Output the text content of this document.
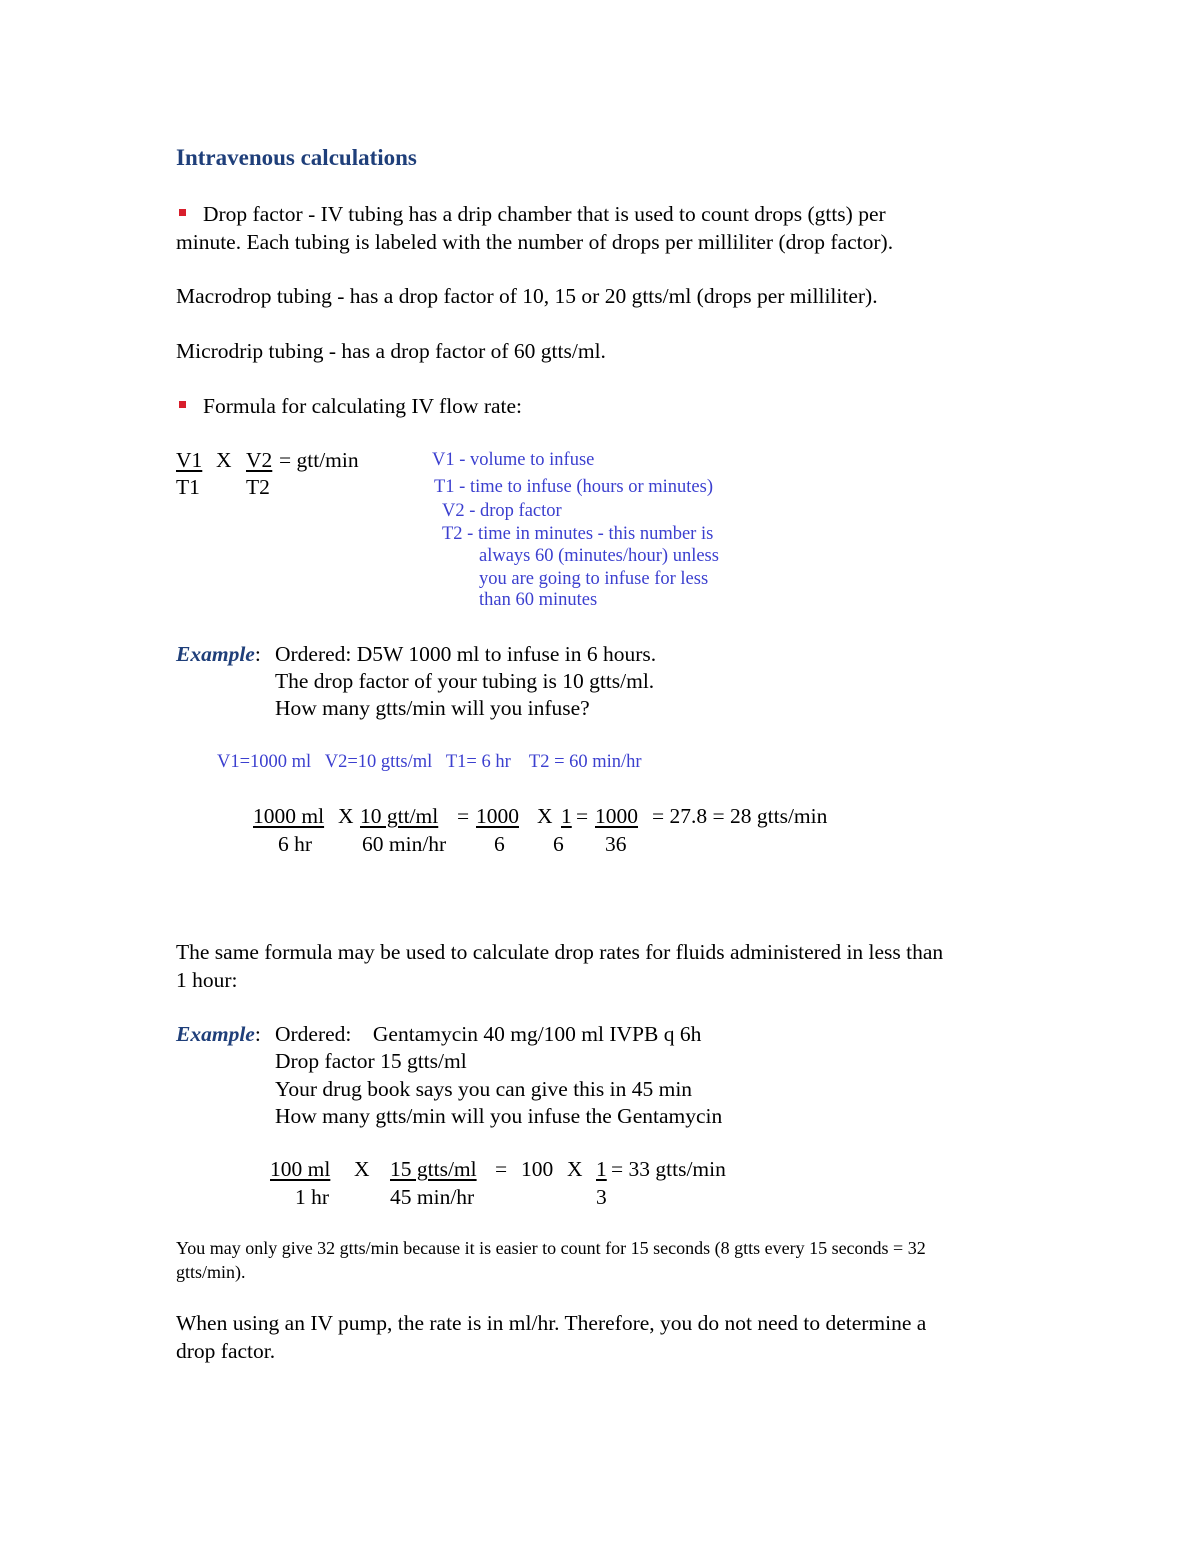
Intravenous calculations
Drop factor - IV tubing has a drip chamber that is used to count drops (gtts) per
minute. Each tubing is labeled with the number of drops per milliliter (drop factor).
Macrodrop tubing - has a drop factor of 10, 15 or 20 gtts/ml (drops per milliliter).
Microdrip tubing - has a drop factor of 60 gtts/ml.
Formula for calculating IV flow rate:
V1 X V2 = gtt/min
T1 T2
V1 - volume to infuse
T1 - time to infuse (hours or minutes)
V2 - drop factor
T2 - time in minutes - this number is
always 60 (minutes/hour) unless
you are going to infuse for less
than 60 minutes
Example: Ordered: D5W 1000 ml to infuse in 6 hours.
The drop factor of your tubing is 10 gtts/ml.
How many gtts/min will you infuse?
V1=1000 ml   V2=10 gtts/ml   T1= 6 hr    T2 = 60 min/hr
1000 ml X 10 gtt/ml = 1000 X 1 = 1000 = 27.8 = 28 gtts/min
6 hr 60 min/hr 6 6 36
The same formula may be used to calculate drop rates for fluids administered in less than
1 hour:
Example: Ordered:    Gentamycin 40 mg/100 ml IVPB q 6h
Drop factor 15 gtts/ml
Your drug book says you can give this in 45 min
How many gtts/min will you infuse the Gentamycin
100 ml X 15 gtts/ml = 100 X 1 = 33 gtts/min
1 hr	45 min/hr	3
You may only give 32 gtts/min because it is easier to count for 15 seconds (8 gtts every 15 seconds = 32
gtts/min).
When using an IV pump, the rate is in ml/hr. Therefore, you do not need to determine a
drop factor.
